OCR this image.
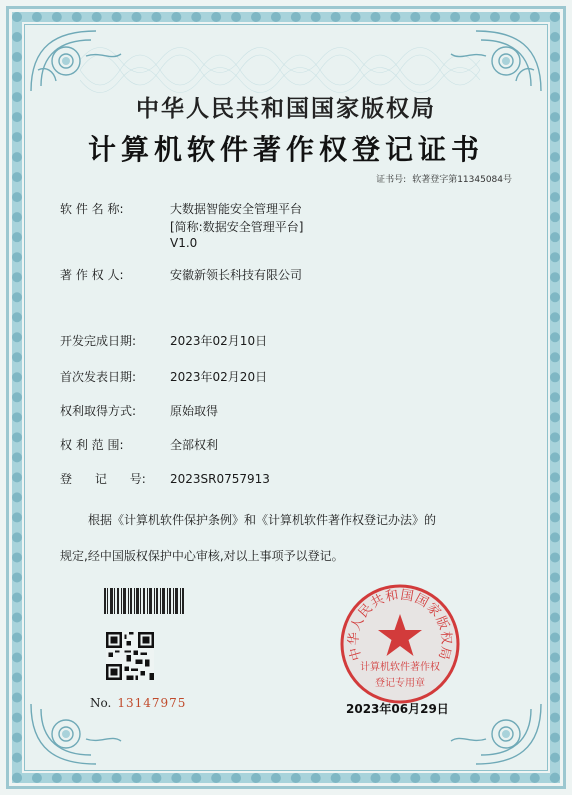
中华人民共和国国家版权局
计算机软件著作权登记证书
证书号: 软著登字第11345084号
软 件 名 称:	大数据智能安全管理平台
[简称:数据安全管理平台]
V1.0
著 作 权 人:	安徽新领长科技有限公司
开发完成日期:	2023年02月10日
首次发表日期:	2023年02月20日
权利取得方式:	原始取得
权 利 范 围:	全部权利
登      记      号: 2023SR0757913
根据《计算机软件保护条例》和《计算机软件著作权登记办法》的
规定,经中国版权保护中心审核,对以上事项予以登记。
No. 13147975
中华人民共和国国家版权局
计算机软件著作权
登记专用章
2023年06月29日
